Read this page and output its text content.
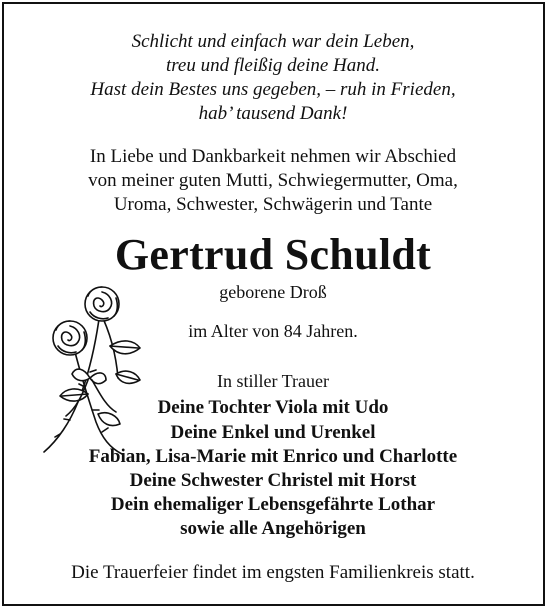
Schlicht und einfach war dein Leben,
treu und fleißig deine Hand.
Hast dein Bestes uns gegeben, – ruh in Frieden,
hab’ tausend Dank!
In Liebe und Dankbarkeit nehmen wir Abschied
von meiner guten Mutti, Schwiegermutter, Oma,
Uroma, Schwester, Schwägerin und Tante
Gertrud Schuldt
geborene Droß
im Alter von 84 Jahren.
In stiller Trauer
Deine Tochter Viola mit Udo
Deine Enkel und Urenkel
Fabian, Lisa-Marie mit Enrico und Charlotte
Deine Schwester Christel mit Horst
Dein ehemaliger Lebensgefährte Lothar
sowie alle Angehörigen
Die Trauerfeier findet im engsten Familienkreis statt.
